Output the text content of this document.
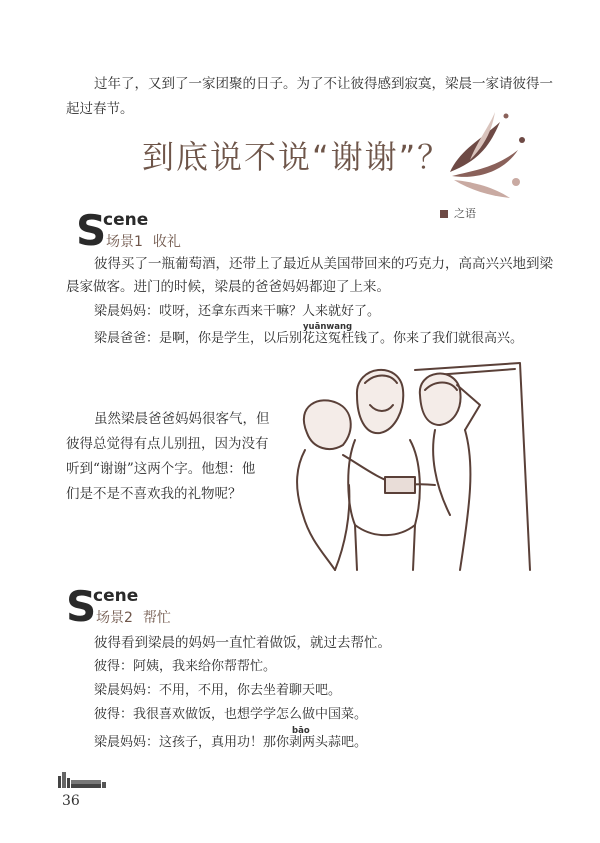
过年了，又到了一家团聚的日子。为了不让彼得感到寂寞，梁晨一家请彼得一

起过春节。

到底说不说“谢谢”？
之语
S
cene
场景1 收礼

彼得买了一瓶葡萄酒，还带上了最近从美国带回来的巧克力，高高兴兴地到梁

晨家做客。进门的时候，梁晨的爸爸妈妈都迎了上来。

梁晨妈妈：哎呀，还拿东西来干嘛？人来就好了。

yuānwang

梁晨爸爸：是啊，你是学生，以后别花这冤枉钱了。你来了我们就很高兴。

虽然梁晨爸爸妈妈很客气，但

彼得总觉得有点儿别扭，因为没有

听到“谢谢”这两个字。他想：他

们是不是不喜欢我的礼物呢？

S
cene
场景2 帮忙

彼得看到梁晨的妈妈一直忙着做饭，就过去帮忙。

彼得：阿姨，我来给你帮帮忙。

梁晨妈妈：不用，不用，你去坐着聊天吧。

彼得：我很喜欢做饭，也想学学怎么做中国菜。

bāo

梁晨妈妈：这孩子，真用功！那你剥两头蒜吧。

36
